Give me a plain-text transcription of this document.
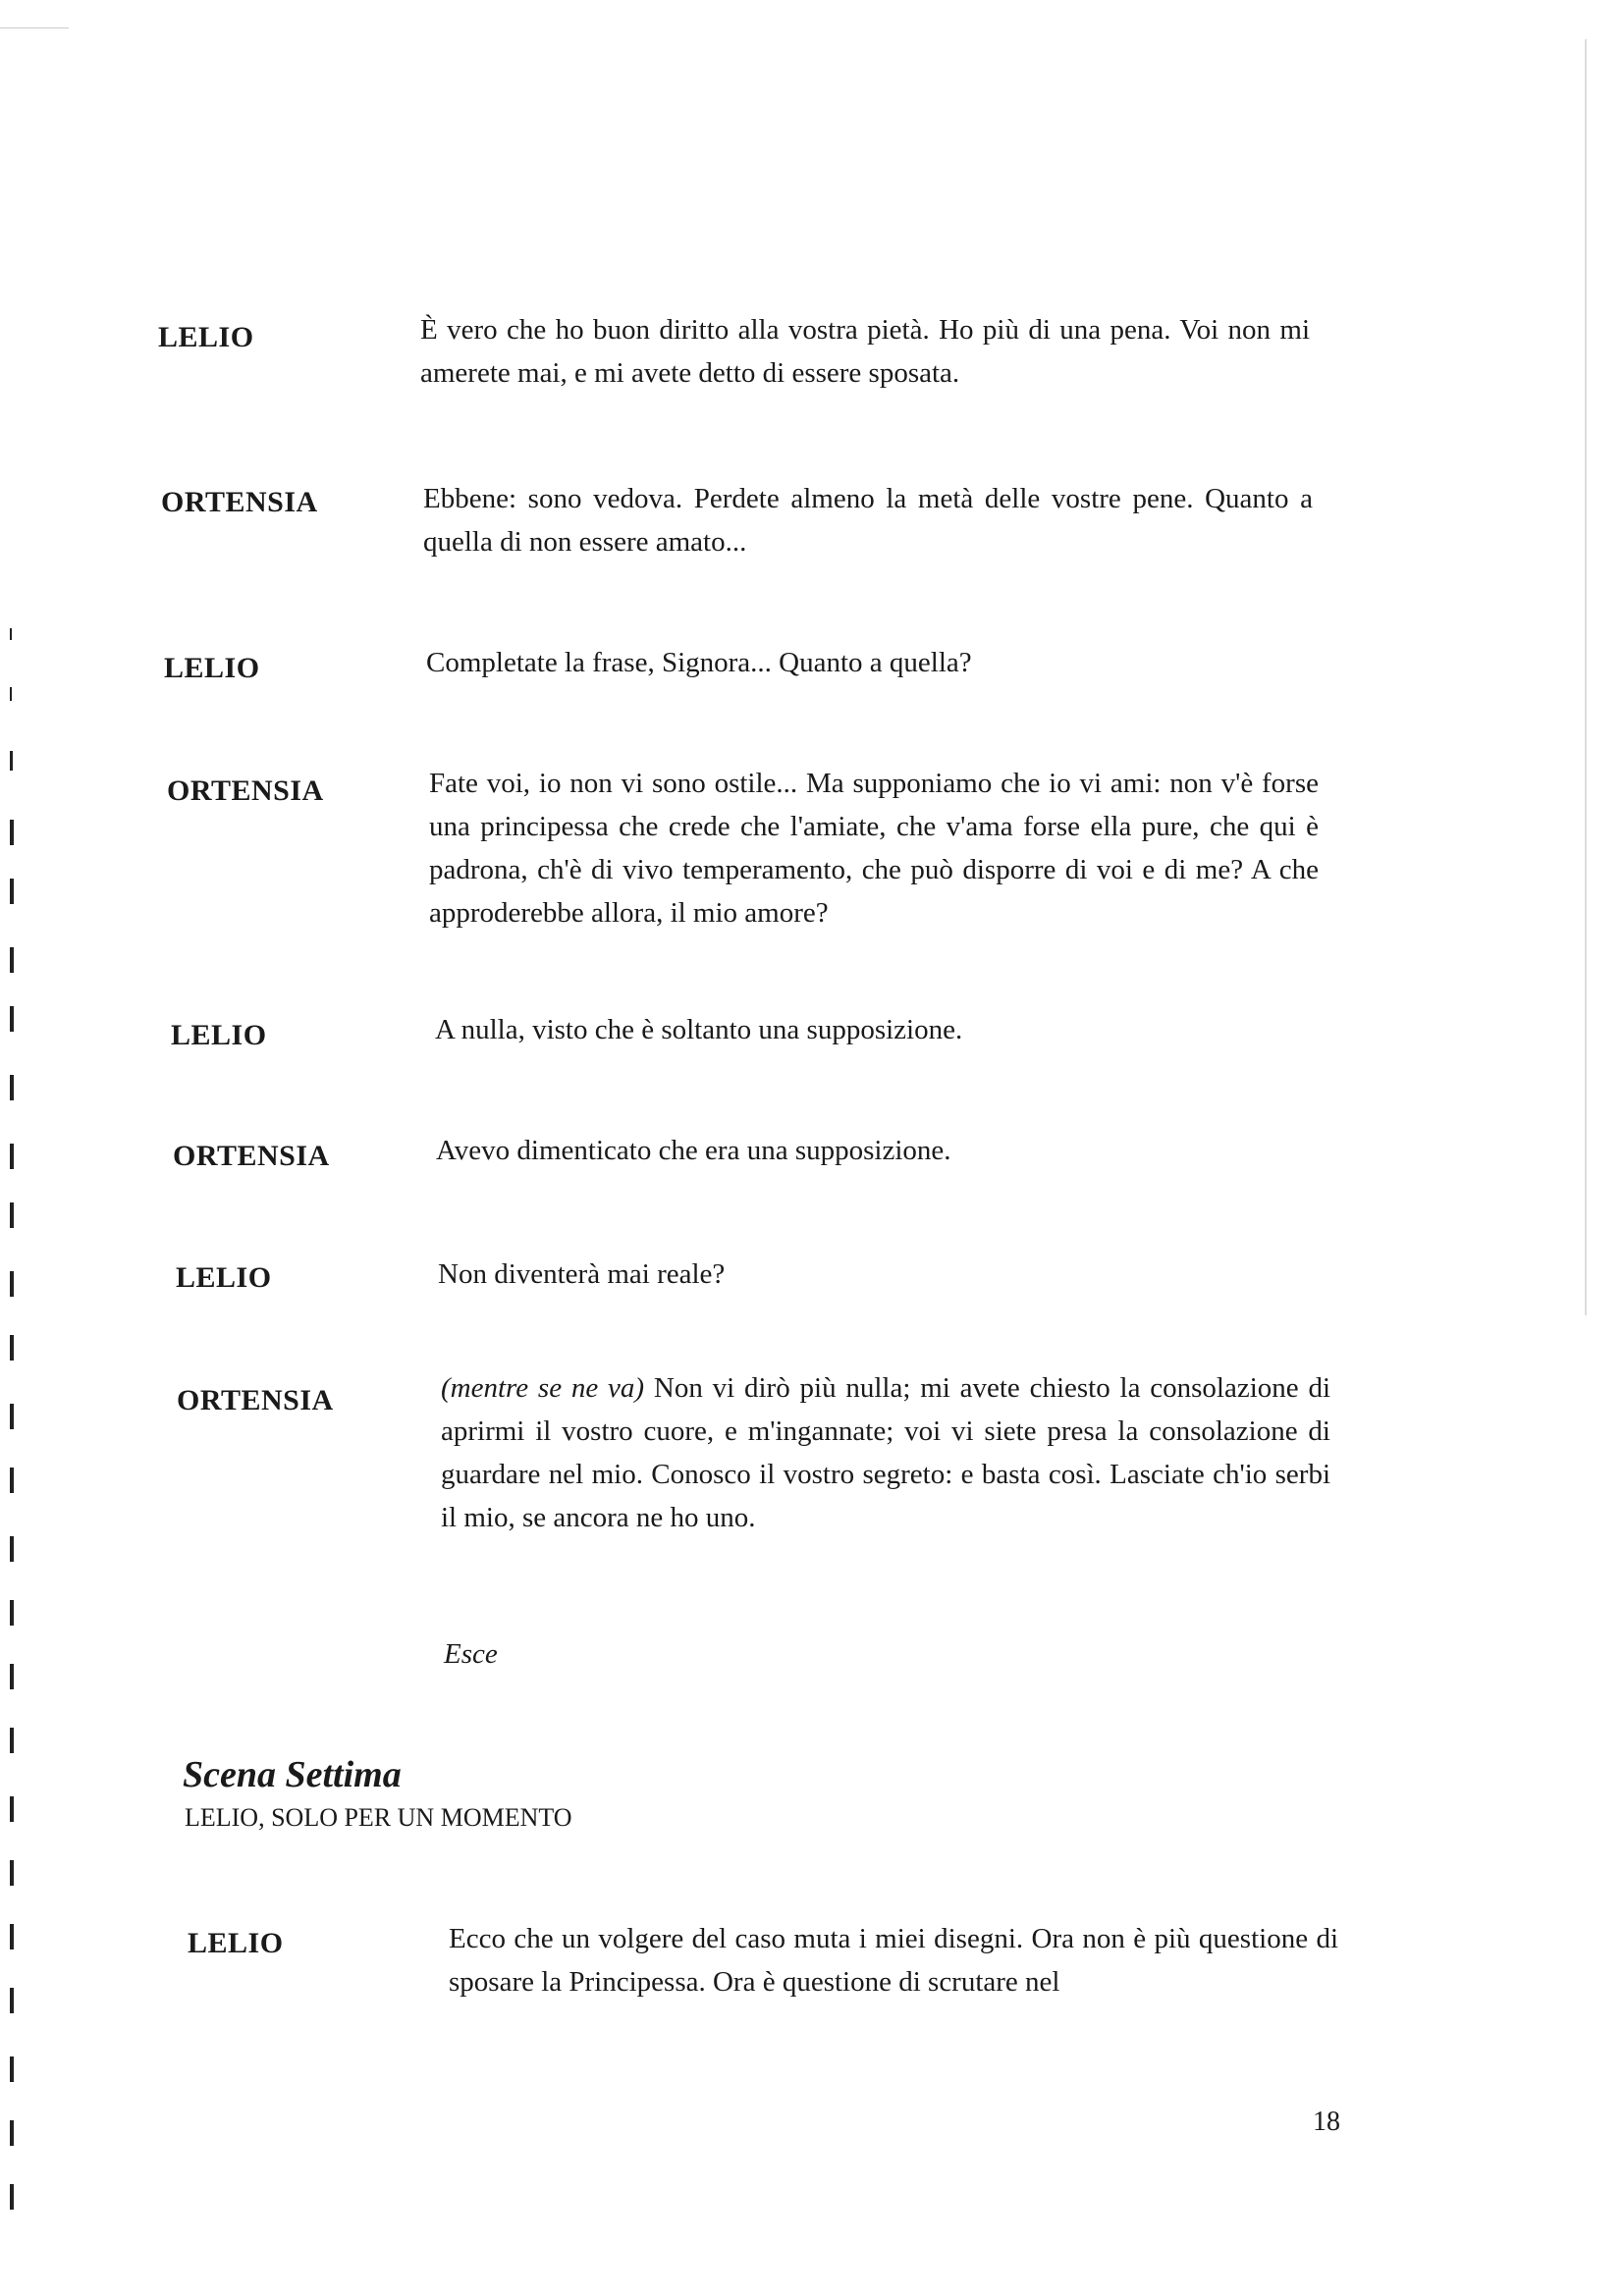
LELIO	È vero che ho buon diritto alla vostra pietà. Ho più di una pena. Voi non mi amerete mai, e mi avete detto di essere sposata.
ORTENSIA	Ebbene: sono vedova. Perdete almeno la metà delle vostre pene. Quanto a quella di non essere amato...
LELIO	Completate la frase, Signora... Quanto a quella?
ORTENSIA	Fate voi, io non vi sono ostile... Ma supponiamo che io vi ami: non v'è forse una principessa che crede che l'amiate, che v'ama forse ella pure, che qui è padrona, ch'è di vivo temperamento, che può disporre di voi e di me? A che approderebbe allora, il mio amore?
LELIO	A nulla, visto che è soltanto una supposizione.
ORTENSIA	Avevo dimenticato che era una supposizione.
LELIO	Non diventerà mai reale?
ORTENSIA	(mentre se ne va) Non vi dirò più nulla; mi avete chiesto la consolazione di aprirmi il vostro cuore, e m'ingannate; voi vi siete presa la consolazione di guardare nel mio. Conosco il vostro segreto: e basta così. Lasciate ch'io serbi il mio, se ancora ne ho uno.
Esce
Scena Settima
LELIO, SOLO PER UN MOMENTO
LELIO	Ecco che un volgere del caso muta i miei disegni. Ora non è più questione di sposare la Principessa. Ora è questione di scrutare nel
18
